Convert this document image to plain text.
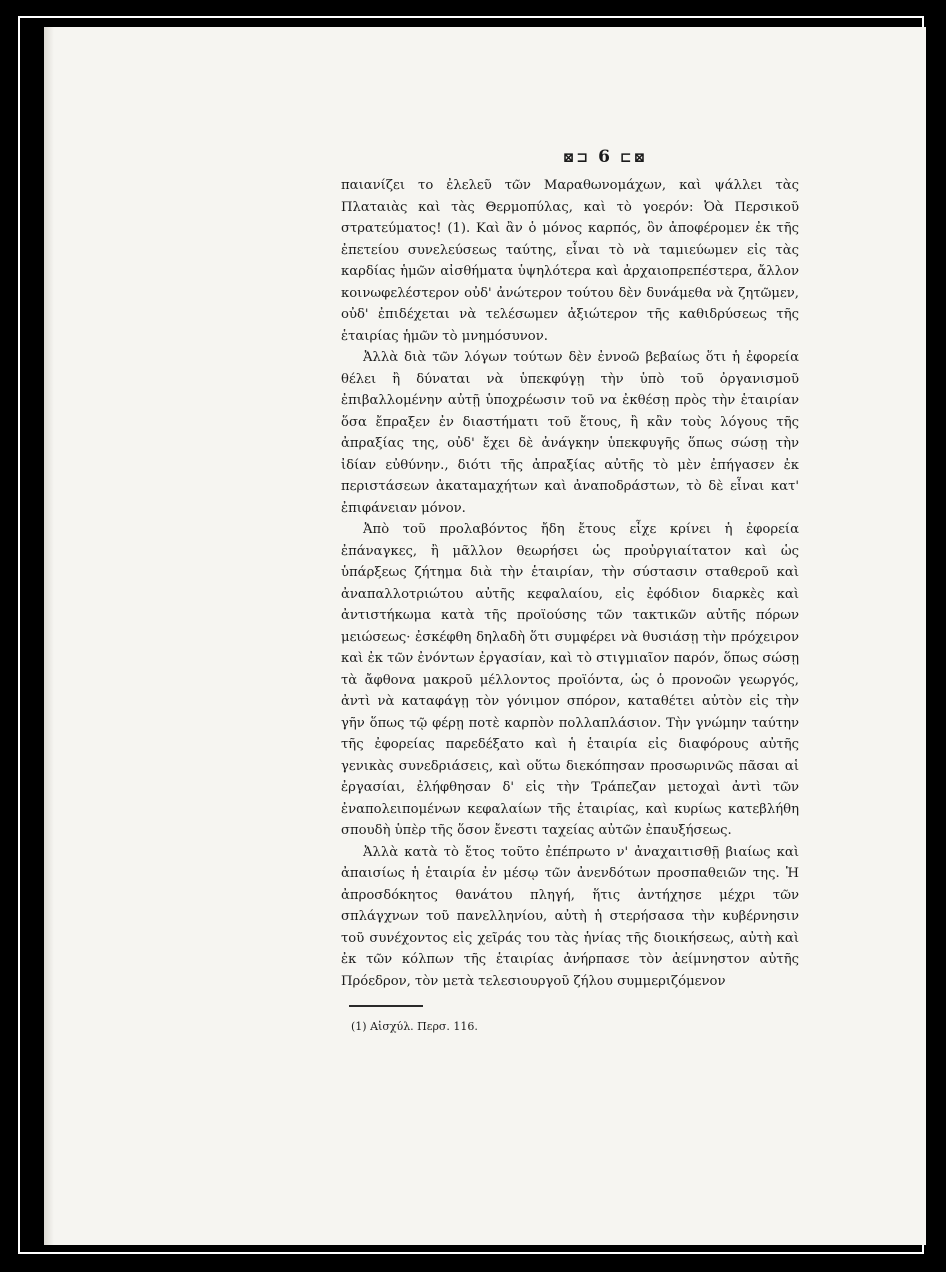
⊠⊐ 6 ⊏⊠

παιανίζει το ἐλελεῦ τῶν Μαραθωνομάχων, καὶ ψάλλει τὰς Πλαταιὰς καὶ τὰς Θερμοπύλας, καὶ τὸ γοερόν: Ὀὰ Περσικοῦ στρατεύματος! (1). Καὶ ἂν ὁ μόνος καρπός, ὃν ἀποφέρομεν ἐκ τῆς ἐπετείου συνελεύσεως ταύτης, εἶναι τὸ νὰ ταμιεύωμεν εἰς τὰς καρδίας ἡμῶν αἰσθήματα ὑψηλότερα καὶ ἀρχαιοπρεπέστερα, ἄλλον κοινωφελέστερον οὐδ' ἀνώτερον τούτου δὲν δυνάμεθα νὰ ζητῶμεν, οὐδ' ἐπιδέχεται νὰ τελέσωμεν ἀξιώτερον τῆς καθιδρύσεως τῆς ἑταιρίας ἡμῶν τὸ μνημόσυνον.

Ἀλλὰ διὰ τῶν λόγων τούτων δὲν ἐννοῶ βεβαίως ὅτι ἡ ἐφορεία θέλει ἢ δύναται νὰ ὑπεκφύγῃ τὴν ὑπὸ τοῦ ὀργανισμοῦ ἐπιβαλλομένην αὐτῇ ὑποχρέωσιν τοῦ να ἐκθέσῃ πρὸς τὴν ἑταιρίαν ὅσα ἔπραξεν ἐν διαστήματι τοῦ ἔτους, ἢ κἂν τοὺς λόγους τῆς ἀπραξίας της, οὐδ' ἔχει δὲ ἀνάγκην ὑπεκφυγῆς ὅπως σώσῃ τὴν ἰδίαν εὐθύνην., διότι τῆς ἀπραξίας αὐτῆς τὸ μὲν ἐπήγασεν ἐκ περιστάσεων ἀκαταμαχήτων καὶ ἀναποδράστων, τὸ δὲ εἶναι κατ' ἐπιφάνειαν μόνον.

Ἀπὸ τοῦ προλαβόντος ἤδη ἔτους εἶχε κρίνει ἡ ἐφορεία ἐπάναγκες, ἢ μᾶλλον θεωρήσει ὡς προὐργιαίτατον καὶ ὡς ὑπάρξεως ζήτημα διὰ τὴν ἑταιρίαν, τὴν σύστασιν σταθεροῦ καὶ ἀναπαλλοτριώτου αὐτῆς κεφαλαίου, εἰς ἐφόδιον διαρκὲς καὶ ἀντιστήκωμα κατὰ τῆς προϊούσης τῶν τακτικῶν αὐτῆς πόρων μειώσεως· ἐσκέφθη δηλαδὴ ὅτι συμφέρει νὰ θυσιάσῃ τὴν πρόχειρον καὶ ἐκ τῶν ἐνόντων ἐργασίαν, καὶ τὸ στιγμιαῖον παρόν, ὅπως σώσῃ τὰ ἄφθονα μακροῦ μέλλοντος προϊόντα, ὡς ὁ προνοῶν γεωργός, ἀντὶ νὰ καταφάγῃ τὸν γόνιμον σπόρον, καταθέτει αὐτὸν εἰς τὴν γῆν ὅπως τῷ φέρῃ ποτὲ καρπὸν πολλαπλάσιον. Τὴν γνώμην ταύτην τῆς ἐφορείας παρεδέξατο καὶ ἡ ἑταιρία εἰς διαφόρους αὐτῆς γενικὰς συνεδριάσεις, καὶ οὕτω διεκόπησαν προσωρινῶς πᾶσαι αἱ ἐργασίαι, ἐλήφθησαν δ' εἰς τὴν Τράπεζαν μετοχαὶ ἀντὶ τῶν ἐναπολειπομένων κεφαλαίων τῆς ἑταιρίας, καὶ κυρίως κατεβλήθη σπουδὴ ὑπὲρ τῆς ὅσον ἔνεστι ταχείας αὐτῶν ἐπαυξήσεως.

Ἀλλὰ κατὰ τὸ ἔτος τοῦτο ἐπέπρωτο ν' ἀναχαιτισθῇ βιαίως καὶ ἀπαισίως ἡ ἑταιρία ἐν μέσῳ τῶν ἀνενδότων προσπαθειῶν της. Ἡ ἀπροσδόκητος θανάτου πληγή, ἥτις ἀντήχησε μέχρι τῶν σπλάγχνων τοῦ πανελληνίου, αὐτὴ ἡ στερήσασα τὴν κυβέρνησιν τοῦ συνέχοντος εἰς χεῖράς του τὰς ἡνίας τῆς διοικήσεως, αὐτὴ καὶ ἐκ τῶν κόλπων τῆς ἑταιρίας ἀνήρπασε τὸν ἀείμνηστον αὐτῆς Πρόεδρον, τὸν μετὰ τελεσιουργοῦ ζήλου συμμεριζόμενον

(1) Αἰσχύλ. Περσ. 116.
